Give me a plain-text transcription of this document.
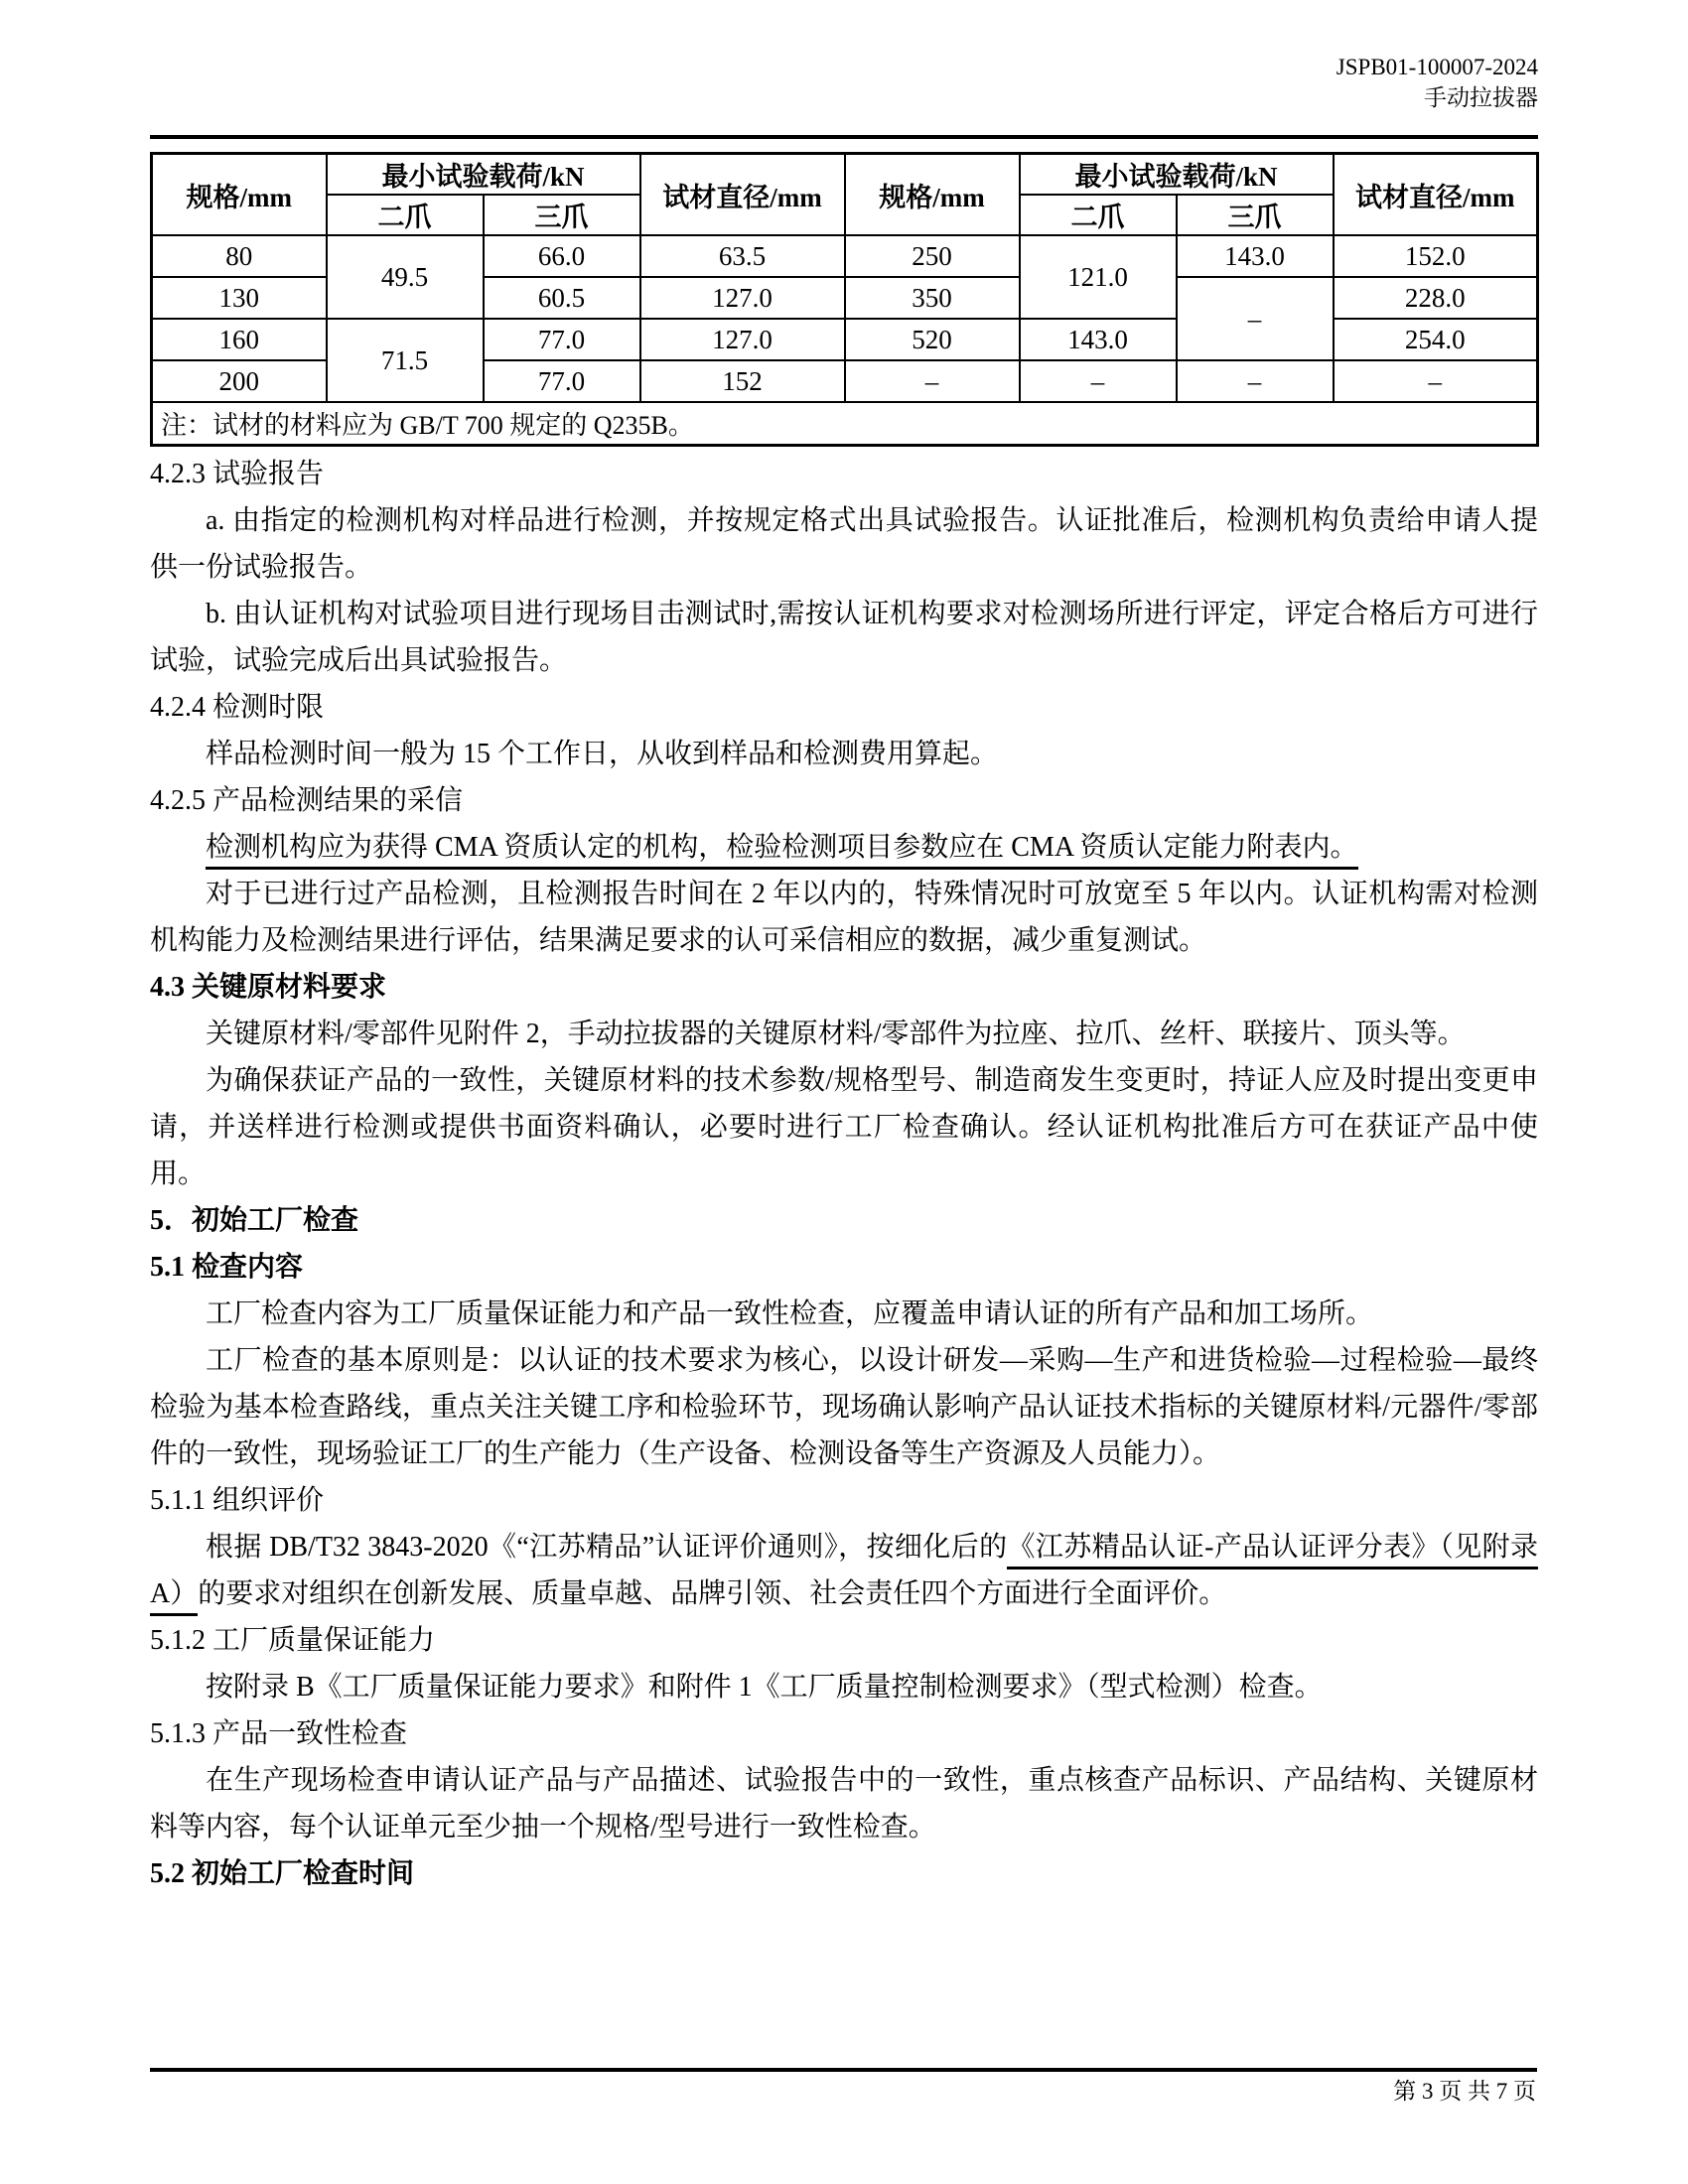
JSPB01-100007-2024
手动拉拔器
规格/mm	最小试验载荷/kN		试材直径/mm	规格/mm	最小试验载荷/kN		试材直径/mm
	二爪	三爪			二爪	三爪	
80	49.5	66.0	63.5	250	121.0	143.0	152.0
130		60.5	127.0	350		–	228.0
160	71.5	77.0	127.0	520	143.0		254.0
200		77.0	152	–	–	–	–
注：试材的材料应为 GB/T 700 规定的 Q235B。							

4.2.3 试验报告

a. 由指定的检测机构对样品进行检测，并按规定格式出具试验报告。认证批准后，检测机构负责给申请人提供一份试验报告。

b. 由认证机构对试验项目进行现场目击测试时,需按认证机构要求对检测场所进行评定，评定合格后方可进行试验，试验完成后出具试验报告。

4.2.4 检测时限

样品检测时间一般为 15 个工作日，从收到样品和检测费用算起。

4.2.5 产品检测结果的采信

检测机构应为获得 CMA 资质认定的机构，检验检测项目参数应在 CMA 资质认定能力附表内。

对于已进行过产品检测，且检测报告时间在 2 年以内的，特殊情况时可放宽至 5 年以内。认证机构需对检测机构能力及检测结果进行评估，结果满足要求的认可采信相应的数据，减少重复测试。

4.3 关键原材料要求

关键原材料/零部件见附件 2，手动拉拔器的关键原材料/零部件为拉座、拉爪、丝杆、联接片、顶头等。

为确保获证产品的一致性，关键原材料的技术参数/规格型号、制造商发生变更时，持证人应及时提出变更申请，并送样进行检测或提供书面资料确认，必要时进行工厂检查确认。经认证机构批准后方可在获证产品中使用。

5．初始工厂检查

5.1 检查内容

工厂检查内容为工厂质量保证能力和产品一致性检查，应覆盖申请认证的所有产品和加工场所。

工厂检查的基本原则是：以认证的技术要求为核心，以设计研发—采购—生产和进货检验—过程检验—最终检验为基本检查路线，重点关注关键工序和检验环节，现场确认影响产品认证技术指标的关键原材料/元器件/零部件的一致性，现场验证工厂的生产能力（生产设备、检测设备等生产资源及人员能力）。

5.1.1 组织评价

根据 DB/T32 3843-2020《“江苏精品”认证评价通则》，按细化后的《江苏精品认证-产品认证评分表》（见附录 A）的要求对组织在创新发展、质量卓越、品牌引领、社会责任四个方面进行全面评价。

5.1.2 工厂质量保证能力

按附录 B《工厂质量保证能力要求》和附件 1《工厂质量控制检测要求》（型式检测）检查。

5.1.3 产品一致性检查

在生产现场检查申请认证产品与产品描述、试验报告中的一致性，重点核查产品标识、产品结构、关键原材料等内容，每个认证单元至少抽一个规格/型号进行一致性检查。

5.2 初始工厂检查时间

第 3 页 共 7 页
